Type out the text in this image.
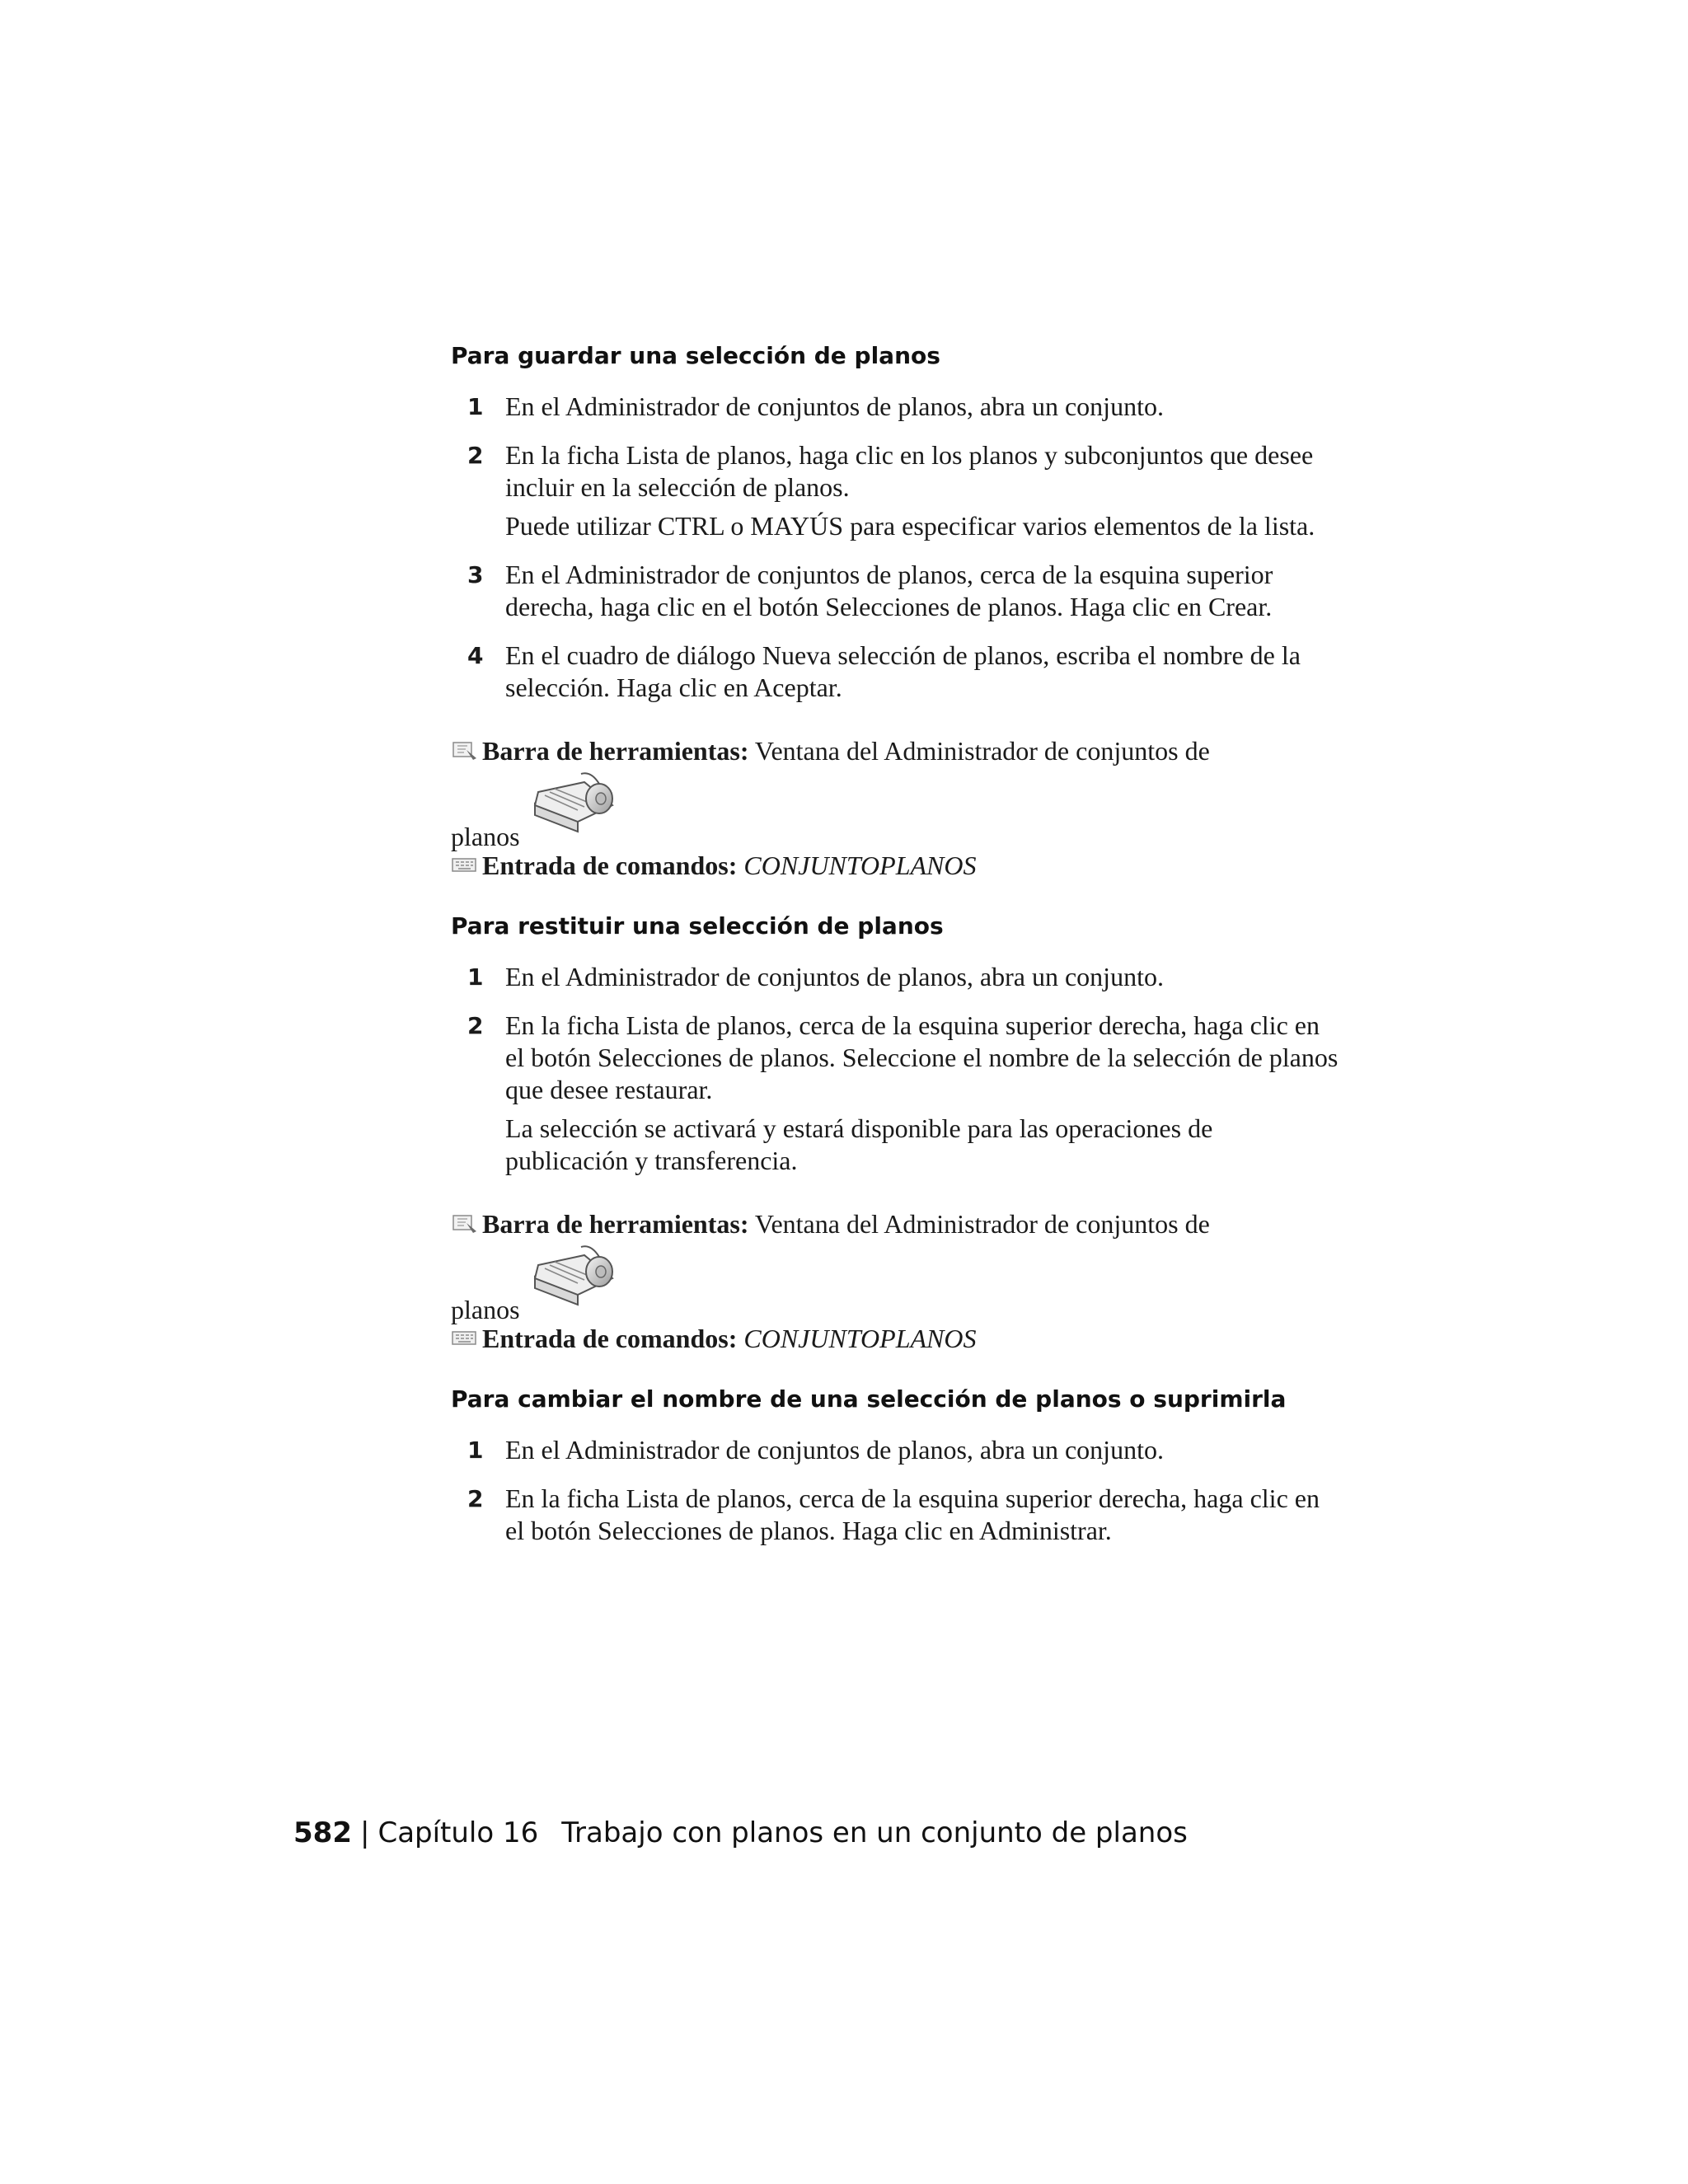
Para guardar una selección de planos
1 En el Administrador de conjuntos de planos, abra un conjunto.
2 En la ficha Lista de planos, haga clic en los planos y subconjuntos que desee incluir en la selección de planos.
Puede utilizar CTRL o MAYÚS para especificar varios elementos de la lista.
3 En el Administrador de conjuntos de planos, cerca de la esquina superior derecha, haga clic en el botón Selecciones de planos. Haga clic en Crear.
4 En el cuadro de diálogo Nueva selección de planos, escriba el nombre de la selección. Haga clic en Aceptar.
Barra de herramientas: Ventana del Administrador de conjuntos de
planos
Entrada de comandos: CONJUNTOPLANOS
Para restituir una selección de planos
1 En el Administrador de conjuntos de planos, abra un conjunto.
2 En la ficha Lista de planos, cerca de la esquina superior derecha, haga clic en el botón Selecciones de planos. Seleccione el nombre de la selección de planos que desee restaurar.
La selección se activará y estará disponible para las operaciones de publicación y transferencia.
Barra de herramientas: Ventana del Administrador de conjuntos de
planos
Entrada de comandos: CONJUNTOPLANOS
Para cambiar el nombre de una selección de planos o suprimirla
1 En el Administrador de conjuntos de planos, abra un conjunto.
2 En la ficha Lista de planos, cerca de la esquina superior derecha, haga clic en el botón Selecciones de planos. Haga clic en Administrar.
582 | Capítulo 16 Trabajo con planos en un conjunto de planos
